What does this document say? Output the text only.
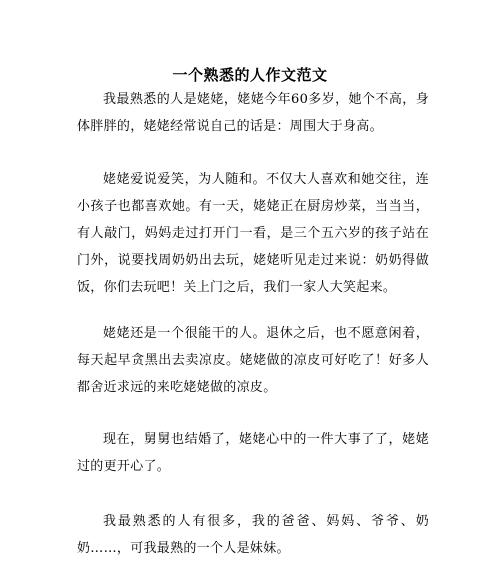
一个熟悉的人作文范文

我最熟悉的人是姥姥，姥姥今年60多岁，她个不高，身体胖胖的，姥姥经常说自己的话是：周围大于身高。

姥姥爱说爱笑，为人随和。不仅大人喜欢和她交往，连小孩子也都喜欢她。有一天，姥姥正在厨房炒菜，当当当，有人敲门，妈妈走过打开门一看，是三个五六岁的孩子站在门外，说要找周奶奶出去玩，姥姥听见走过来说：奶奶得做饭，你们去玩吧！关上门之后，我们一家人大笑起来。

姥姥还是一个很能干的人。退休之后，也不愿意闲着，每天起早贪黑出去卖凉皮。姥姥做的凉皮可好吃了！好多人都舍近求远的来吃姥姥做的凉皮。

现在，舅舅也结婚了，姥姥心中的一件大事了了，姥姥过的更开心了。

我最熟悉的人有很多，我的爸爸、妈妈、爷爷、奶奶……，可我最熟的一个人是妹妹。
